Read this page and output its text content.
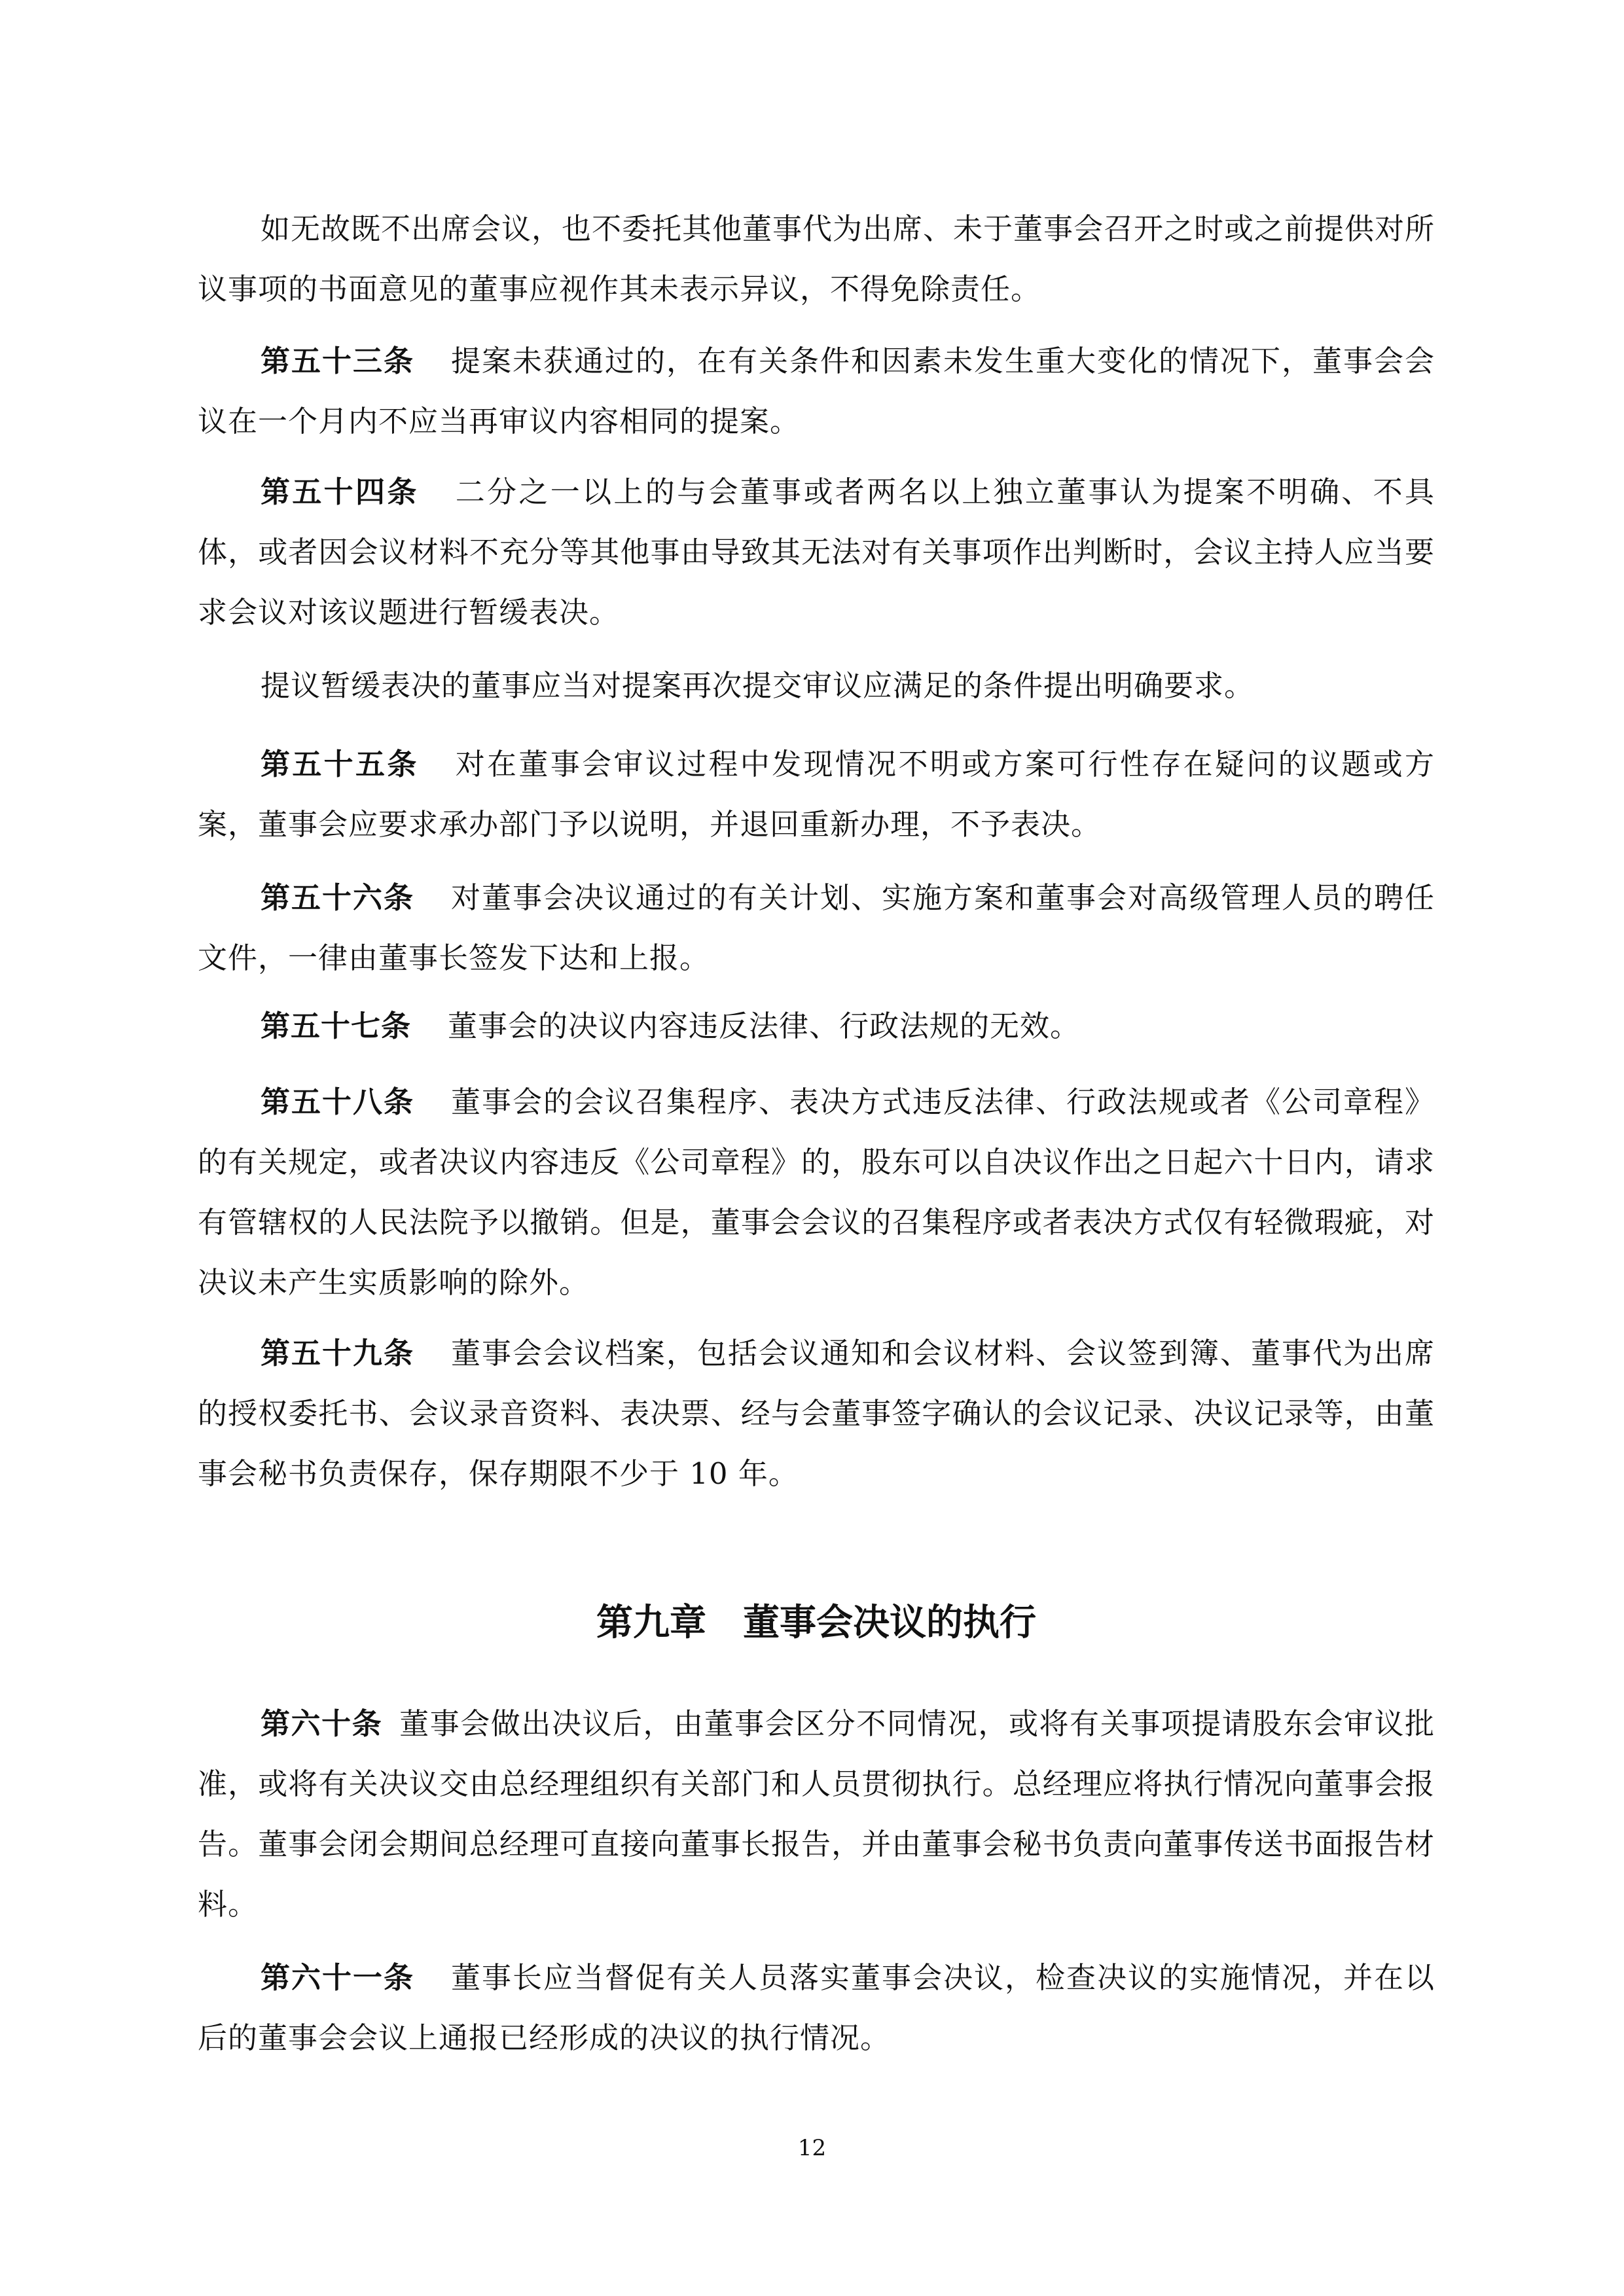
如无故既不出席会议，也不委托其他董事代为出席、未于董事会召开之时或之前提供对所议事项的书面意见的董事应视作其未表示异议，不得免除责任。

第五十三条 提案未获通过的，在有关条件和因素未发生重大变化的情况下，董事会会议在一个月内不应当再审议内容相同的提案。

第五十四条 二分之一以上的与会董事或者两名以上独立董事认为提案不明确、不具体，或者因会议材料不充分等其他事由导致其无法对有关事项作出判断时，会议主持人应当要求会议对该议题进行暂缓表决。

提议暂缓表决的董事应当对提案再次提交审议应满足的条件提出明确要求。

第五十五条 对在董事会审议过程中发现情况不明或方案可行性存在疑问的议题或方案，董事会应要求承办部门予以说明，并退回重新办理，不予表决。

第五十六条 对董事会决议通过的有关计划、实施方案和董事会对高级管理人员的聘任文件，一律由董事长签发下达和上报。

第五十七条 董事会的决议内容违反法律、行政法规的无效。

第五十八条 董事会的会议召集程序、表决方式违反法律、行政法规或者《公司章程》的有关规定，或者决议内容违反《公司章程》的，股东可以自决议作出之日起六十日内，请求有管辖权的人民法院予以撤销。但是，董事会会议的召集程序或者表决方式仅有轻微瑕疵，对决议未产生实质影响的除外。

第五十九条 董事会会议档案，包括会议通知和会议材料、会议签到簿、董事代为出席的授权委托书、会议录音资料、表决票、经与会董事签字确认的会议记录、决议记录等，由董事会秘书负责保存，保存期限不少于 10 年。

第九章　董事会决议的执行

第六十条 董事会做出决议后，由董事会区分不同情况，或将有关事项提请股东会审议批准，或将有关决议交由总经理组织有关部门和人员贯彻执行。总经理应将执行情况向董事会报告。董事会闭会期间总经理可直接向董事长报告，并由董事会秘书负责向董事传送书面报告材料。

第六十一条 董事长应当督促有关人员落实董事会决议，检查决议的实施情况，并在以后的董事会会议上通报已经形成的决议的执行情况。

12
